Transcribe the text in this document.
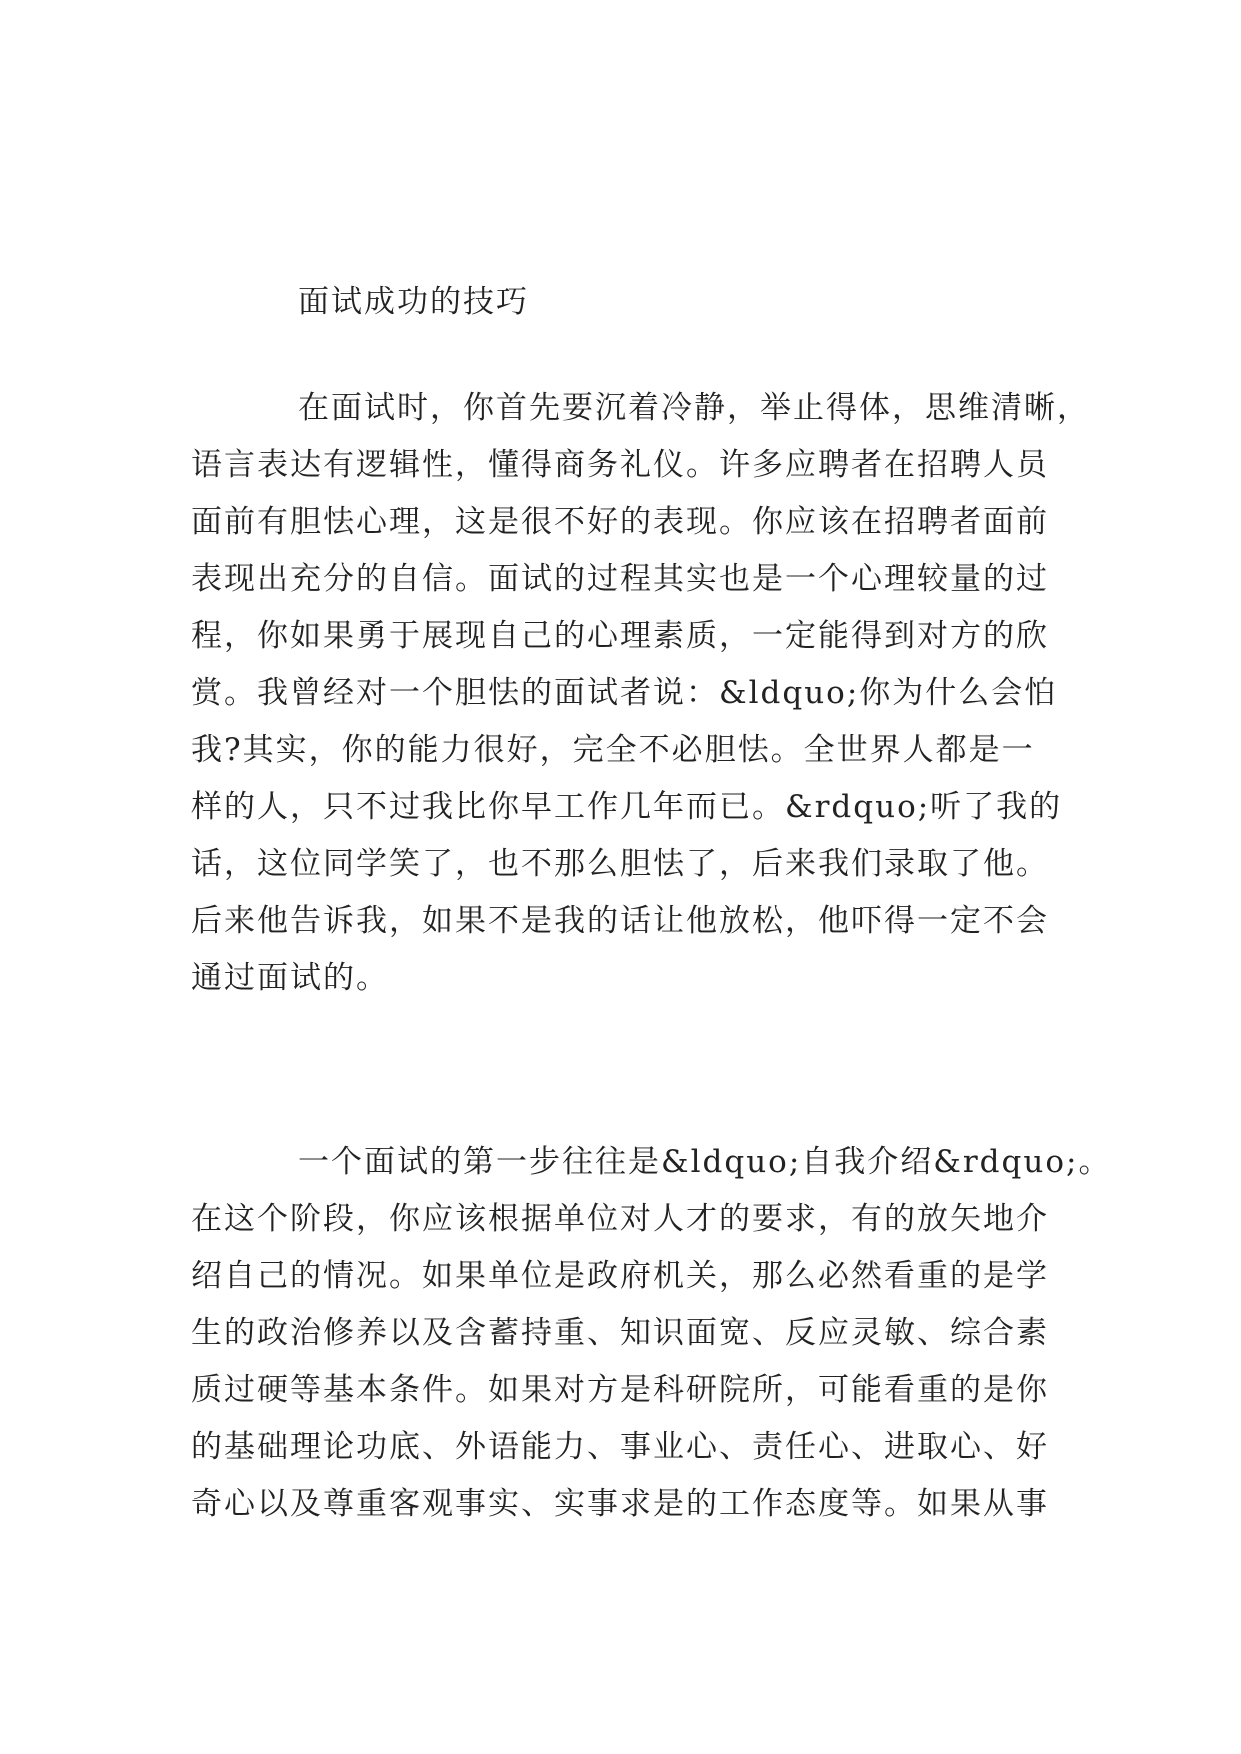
面试成功的技巧

在面试时，你首先要沉着冷静，举止得体，思维清晰，

语言表达有逻辑性，懂得商务礼仪。许多应聘者在招聘人员

面前有胆怯心理，这是很不好的表现。你应该在招聘者面前

表现出充分的自信。面试的过程其实也是一个心理较量的过

程，你如果勇于展现自己的心理素质，一定能得到对方的欣

赏。我曾经对一个胆怯的面试者说：&ldquo;你为什么会怕

我?其实，你的能力很好，完全不必胆怯。全世界人都是一

样的人，只不过我比你早工作几年而已。&rdquo;听了我的

话，这位同学笑了，也不那么胆怯了，后来我们录取了他。

后来他告诉我，如果不是我的话让他放松，他吓得一定不会

通过面试的。

一个面试的第一步往往是&ldquo;自我介绍&rdquo;。

在这个阶段，你应该根据单位对人才的要求，有的放矢地介

绍自己的情况。如果单位是政府机关，那么必然看重的是学

生的政治修养以及含蓄持重、知识面宽、反应灵敏、综合素

质过硬等基本条件。如果对方是科研院所，可能看重的是你

的基础理论功底、外语能力、事业心、责任心、进取心、好

奇心以及尊重客观事实、实事求是的工作态度等。如果从事
